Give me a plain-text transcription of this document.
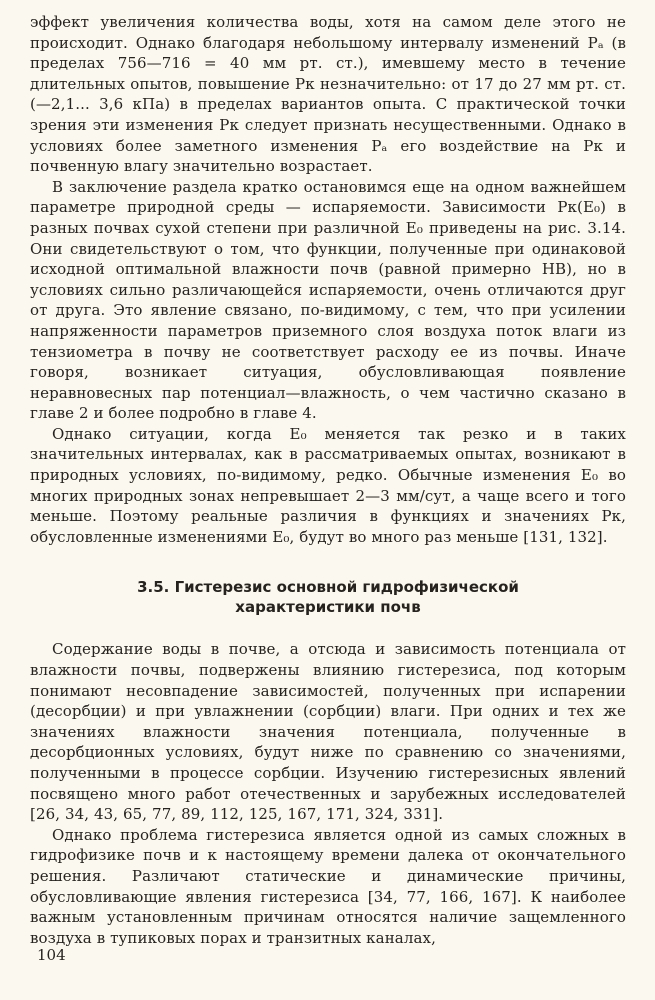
эффект увеличения количества воды, хотя на самом деле этого не происходит. Однако благодаря небольшому интервалу изменений Pₐ (в пределах 756—716 = 40 мм рт. ст.), имевшему место в течение длительных опытов, повышение Pк незначительно: от 17 до 27 мм рт. ст. (—2,1... 3,6 кПа) в пределах вариантов опыта. С практической точки зрения эти изменения Pк следует признать несущественными. Однако в условиях более заметного изменения Pₐ его воздействие на Pк и почвенную влагу значительно возрастает.

В заключение раздела кратко остановимся еще на одном важнейшем параметре природной среды — испаряемости. Зависимости Pк(E₀) в разных почвах сухой степени при различной E₀ приведены на рис. 3.14. Они свидетельствуют о том, что функции, полученные при одинаковой исходной оптимальной влажности почв (равной примерно HB), но в условиях сильно различающейся испаряемости, очень отличаются друг от друга. Это явление связано, по-видимому, с тем, что при усилении напряженности параметров приземного слоя воздуха поток влаги из тензиометра в почву не соответствует расходу ее из почвы. Иначе говоря, возникает ситуация, обусловливающая появление неравновесных пар потенциал—влажность, о чем частично сказано в главе 2 и более подробно в главе 4.

Однако ситуации, когда E₀ меняется так резко и в таких значительных интервалах, как в рассматриваемых опытах, возникают в природных условиях, по-видимому, редко. Обычные изменения E₀ во многих природных зонах непревышает 2—3 мм/сут, а чаще всего и того меньше. Поэтому реальные различия в функциях и значениях Pк, обусловленные изменениями E₀, будут во много раз меньше [131, 132].

3.5. Гистерезис основной гидрофизической
характеристики почв

Содержание воды в почве, а отсюда и зависимость потенциала от влажности почвы, подвержены влиянию гистерезиса, под которым понимают несовпадение зависимостей, полученных при испарении (десорбции) и при увлажнении (сорбции) влаги. При одних и тех же значениях влажности значения потенциала, полученные в десорбционных условиях, будут ниже по сравнению со значениями, полученными в процессе сорбции. Изучению гистерезисных явлений посвящено много работ отечественных и зарубежных исследователей [26, 34, 43, 65, 77, 89, 112, 125, 167, 171, 324, 331].

Однако проблема гистерезиса является одной из самых сложных в гидрофизике почв и к настоящему времени далека от окончательного решения. Различают статические и динамические причины, обусловливающие явления гистерезиса [34, 77, 166, 167]. К наиболее важным установленным причинам относятся наличие защемленного воздуха в тупиковых порах и транзитных каналах,

104
